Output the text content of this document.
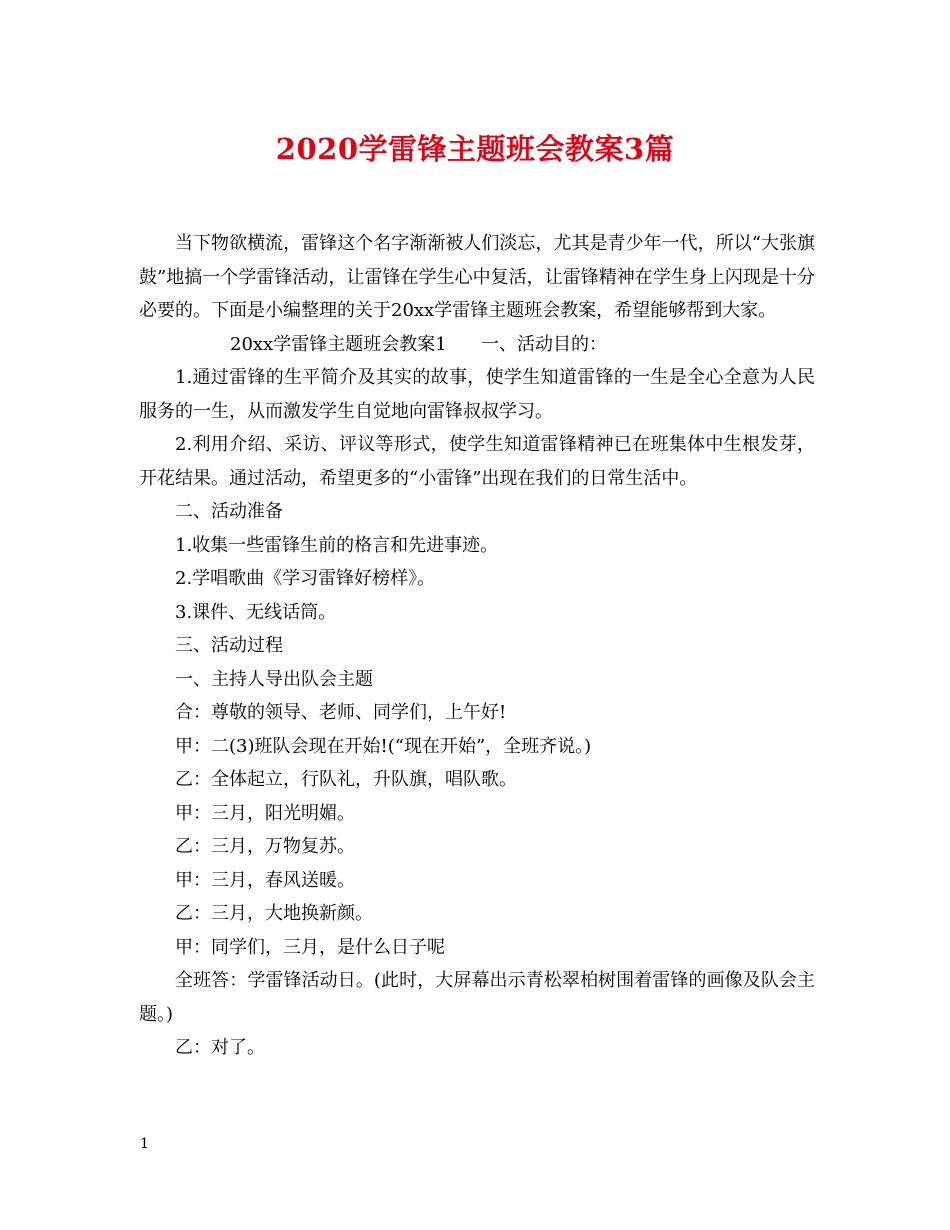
2020学雷锋主题班会教案3篇

当下物欲横流，雷锋这个名字渐渐被人们淡忘，尤其是青少年一代，所以“大张旗鼓”地搞一个学雷锋活动，让雷锋在学生心中复活，让雷锋精神在学生身上闪现是十分必要的。下面是小编整理的关于20xx学雷锋主题班会教案，希望能够帮到大家。

20xx学雷锋主题班会教案1      一、活动目的：

1.通过雷锋的生平简介及其实的故事，使学生知道雷锋的一生是全心全意为人民服务的一生，从而激发学生自觉地向雷锋叔叔学习。

2.利用介绍、采访、评议等形式，使学生知道雷锋精神已在班集体中生根发芽，开花结果。通过活动，希望更多的“小雷锋”出现在我们的日常生活中。

二、活动准备

1.收集一些雷锋生前的格言和先进事迹。

2.学唱歌曲《学习雷锋好榜样》。

3.课件、无线话筒。

三、活动过程

一、主持人导出队会主题

合：尊敬的领导、老师、同学们，上午好!

甲：二(3)班队会现在开始!(“现在开始”，全班齐说。)

乙：全体起立，行队礼，升队旗，唱队歌。

甲：三月，阳光明媚。

乙：三月，万物复苏。

甲：三月，春风送暖。

乙：三月，大地换新颜。

甲：同学们，三月，是什么日子呢

全班答：学雷锋活动日。(此时，大屏幕出示青松翠柏树围着雷锋的画像及队会主题。)

乙：对了。

1
